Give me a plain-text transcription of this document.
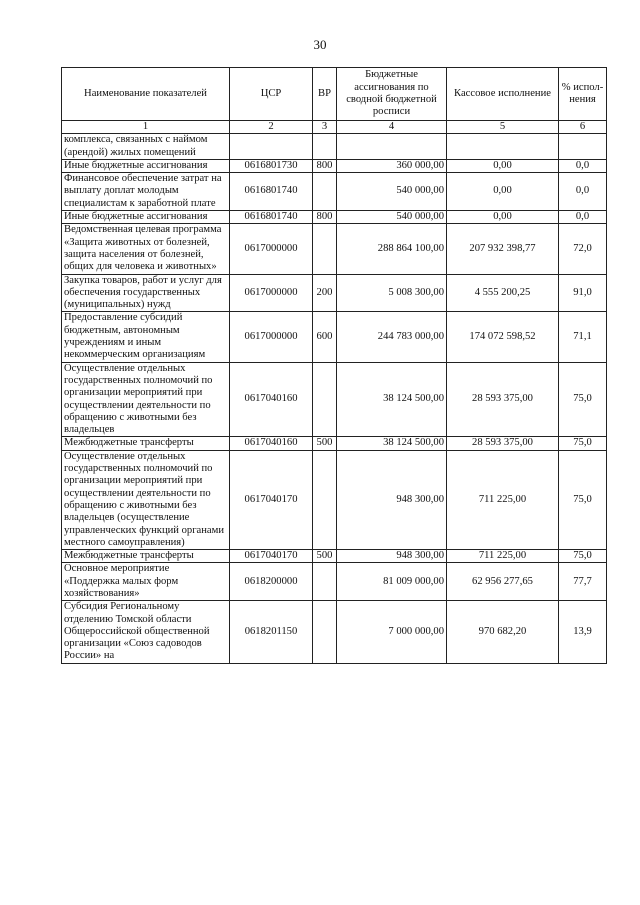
30
Наименование показателей	ЦСР	ВР	Бюджетные ассигнования по сводной бюджетной росписи	Кассовое исполнение	% испол-нения
1	2	3	4	5	6
комплекса, связанных с наймом (арендой) жилых помещений					
Иные бюджетные ассигнования	0616801730	800	360 000,00	0,00	0,0
Финансовое обеспечение затрат на выплату доплат молодым специалистам к заработной плате	0616801740		540 000,00	0,00	0,0
Иные бюджетные ассигнования	0616801740	800	540 000,00	0,00	0,0
Ведомственная целевая программа «Защита животных от болезней, защита населения от болезней, общих для человека и животных»	0617000000		288 864 100,00	207 932 398,77	72,0
Закупка товаров, работ и услуг для обеспечения государственных (муниципальных) нужд	0617000000	200	5 008 300,00	4 555 200,25	91,0
Предоставление субсидий бюджетным, автономным учреждениям и иным некоммерческим организациям	0617000000	600	244 783 000,00	174 072 598,52	71,1
Осуществление отдельных государственных полномочий по организации мероприятий при осуществлении деятельности по обращению с животными без владельцев	0617040160		38 124 500,00	28 593 375,00	75,0
Межбюджетные трансферты	0617040160	500	38 124 500,00	28 593 375,00	75,0
Осуществление отдельных государственных полномочий по организации мероприятий при осуществлении деятельности по обращению с животными без владельцев (осуществление управленческих функций органами местного самоуправления)	0617040170		948 300,00	711 225,00	75,0
Межбюджетные трансферты	0617040170	500	948 300,00	711 225,00	75,0
Основное мероприятие «Поддержка малых форм хозяйствования»	0618200000		81 009 000,00	62 956 277,65	77,7
Субсидия Региональному отделению Томской области Общероссийской общественной организации «Союз садоводов России» на	0618201150		7 000 000,00	970 682,20	13,9
